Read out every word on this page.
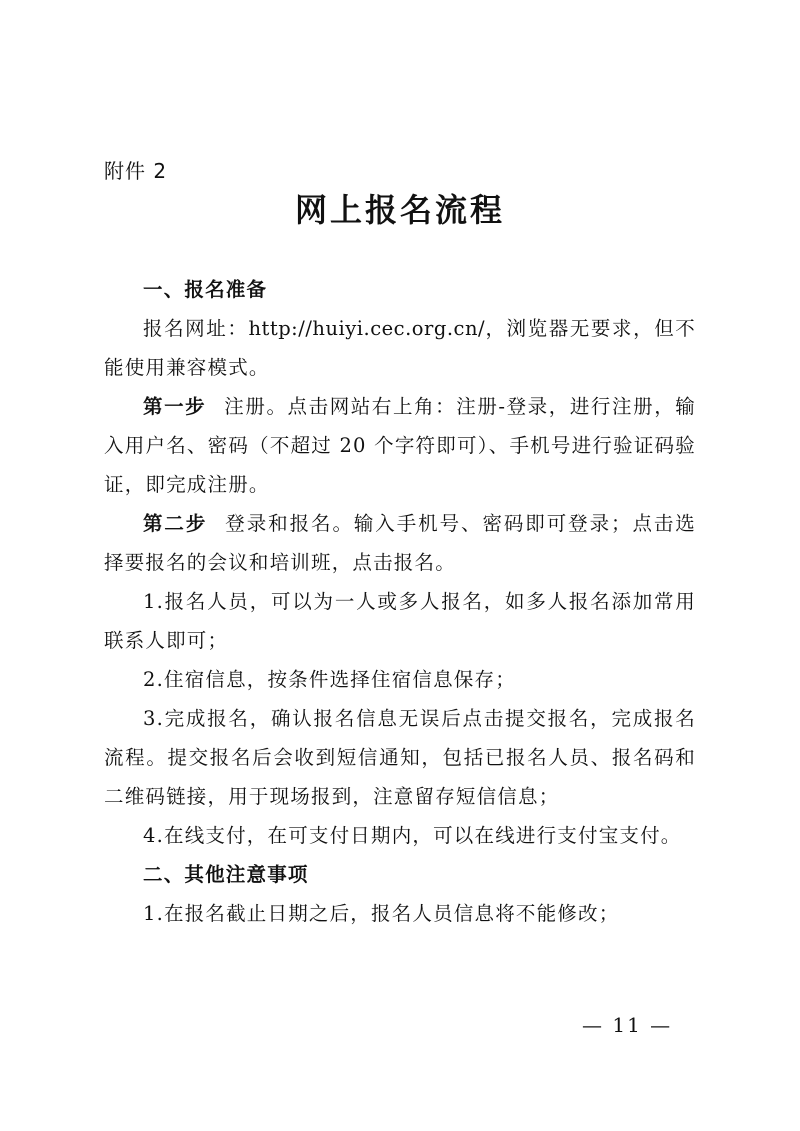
附件 2
网上报名流程

一、报名准备

报名网址：http://huiyi.cec.org.cn/，浏览器无要求，但不能使用兼容模式。

第一步 注册。点击网站右上角：注册-登录，进行注册，输入用户名、密码（不超过 20 个字符即可）、手机号进行验证码验证，即完成注册。

第二步 登录和报名。输入手机号、密码即可登录；点击选择要报名的会议和培训班，点击报名。

1.报名人员，可以为一人或多人报名，如多人报名添加常用联系人即可；

2.住宿信息，按条件选择住宿信息保存；

3.完成报名，确认报名信息无误后点击提交报名，完成报名流程。提交报名后会收到短信通知，包括已报名人员、报名码和二维码链接，用于现场报到，注意留存短信信息；

4.在线支付，在可支付日期内，可以在线进行支付宝支付。

二、其他注意事项

1.在报名截止日期之后，报名人员信息将不能修改；

— 11 —
